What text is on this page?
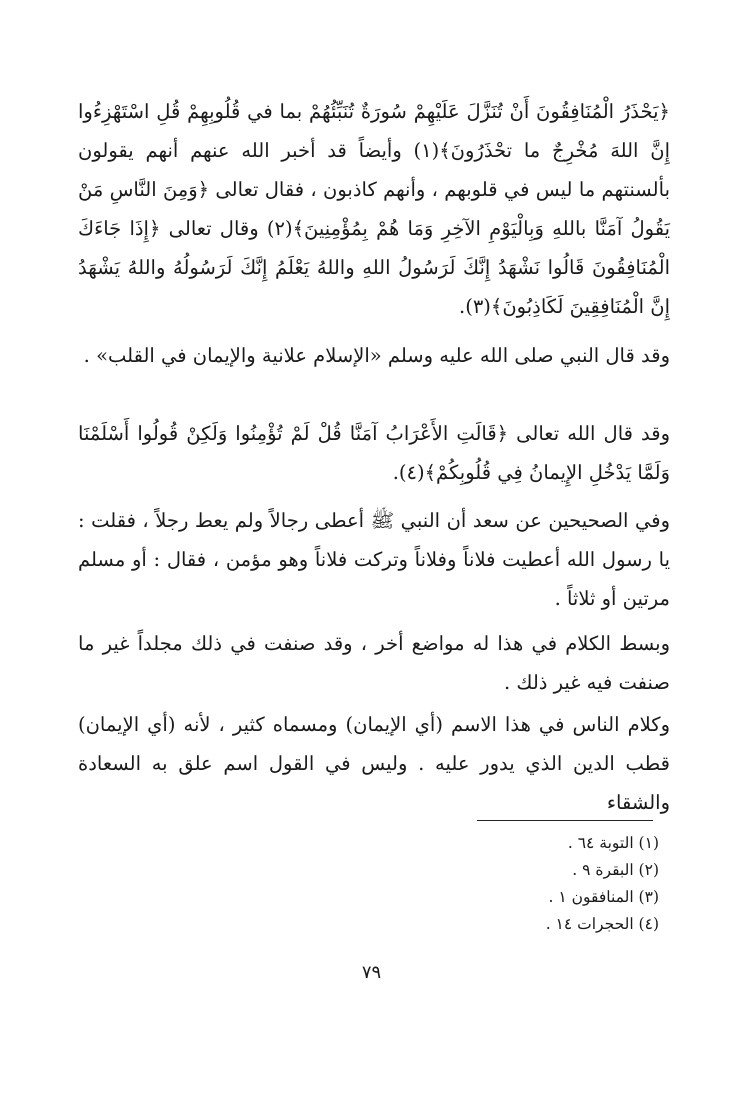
﴿يَحْذَرُ الْمُنَافِقُونَ أَنْ تُنَزَّلَ عَلَيْهِمْ سُورَةٌ تُنَبِّئُهُمْ بما في قُلُوبِهِمْ قُلِ اسْتَهْزِءُوا إِنَّ اللهَ مُخْرِجٌ ما تحْذَرُونَ﴾(١) وأيضاً قد أخبر الله عنهم أنهم يقولون بألسنتهم ما ليس في قلوبهم ، وأنهم كاذبون ، فقال تعالى ﴿وَمِنَ النَّاسِ مَنْ يَقُولُ آمَنَّا باللهِ وَبِالْيَوْمِ الآخِرِ وَمَا هُمْ بِمُؤْمِنِينَ﴾(٢) وقال تعالى ﴿إِذَا جَاءَكَ الْمُنَافِقُونَ قَالُوا نَشْهَدُ إِنَّكَ لَرَسُولُ اللهِ واللهُ يَعْلَمُ إِنَّكَ لَرَسُولُهُ واللهُ يَشْهَدُ إِنَّ الْمُنَافِقِينَ لَكَاذِبُونَ﴾(٣).
وقد قال النبي صلى الله عليه وسلم «الإسلام علانية والإيمان في القلب» .
وقد قال الله تعالى ﴿قَالَتِ الأَعْرَابُ آمَنَّا قُلْ لَمْ تُؤْمِنُوا وَلَكِنْ قُولُوا أَسْلَمْنَا وَلَمَّا يَدْخُلِ الإِيمانُ فِي قُلُوبِكُمْ﴾(٤).
وفي الصحيحين عن سعد أن النبي ﷺ أعطى رجالاً ولم يعط رجلاً ، فقلت : يا رسول الله أعطيت فلاناً وفلاناً وتركت فلاناً وهو مؤمن ، فقال : أو مسلم مرتين أو ثلاثاً .
وبسط الكلام في هذا له مواضع أخر ، وقد صنفت في ذلك مجلداً غير ما صنفت فيه غير ذلك .
وكلام الناس في هذا الاسم (أي الإيمان) ومسماه كثير ، لأنه (أي الإيمان) قطب الدين الذي يدور عليه . وليس في القول اسم علق به السعادة والشقاء
(١) التوبة ٦٤ .
(٢) البقرة ٩ .
(٣) المنافقون ١ .
(٤) الحجرات ١٤ .
٧٩
